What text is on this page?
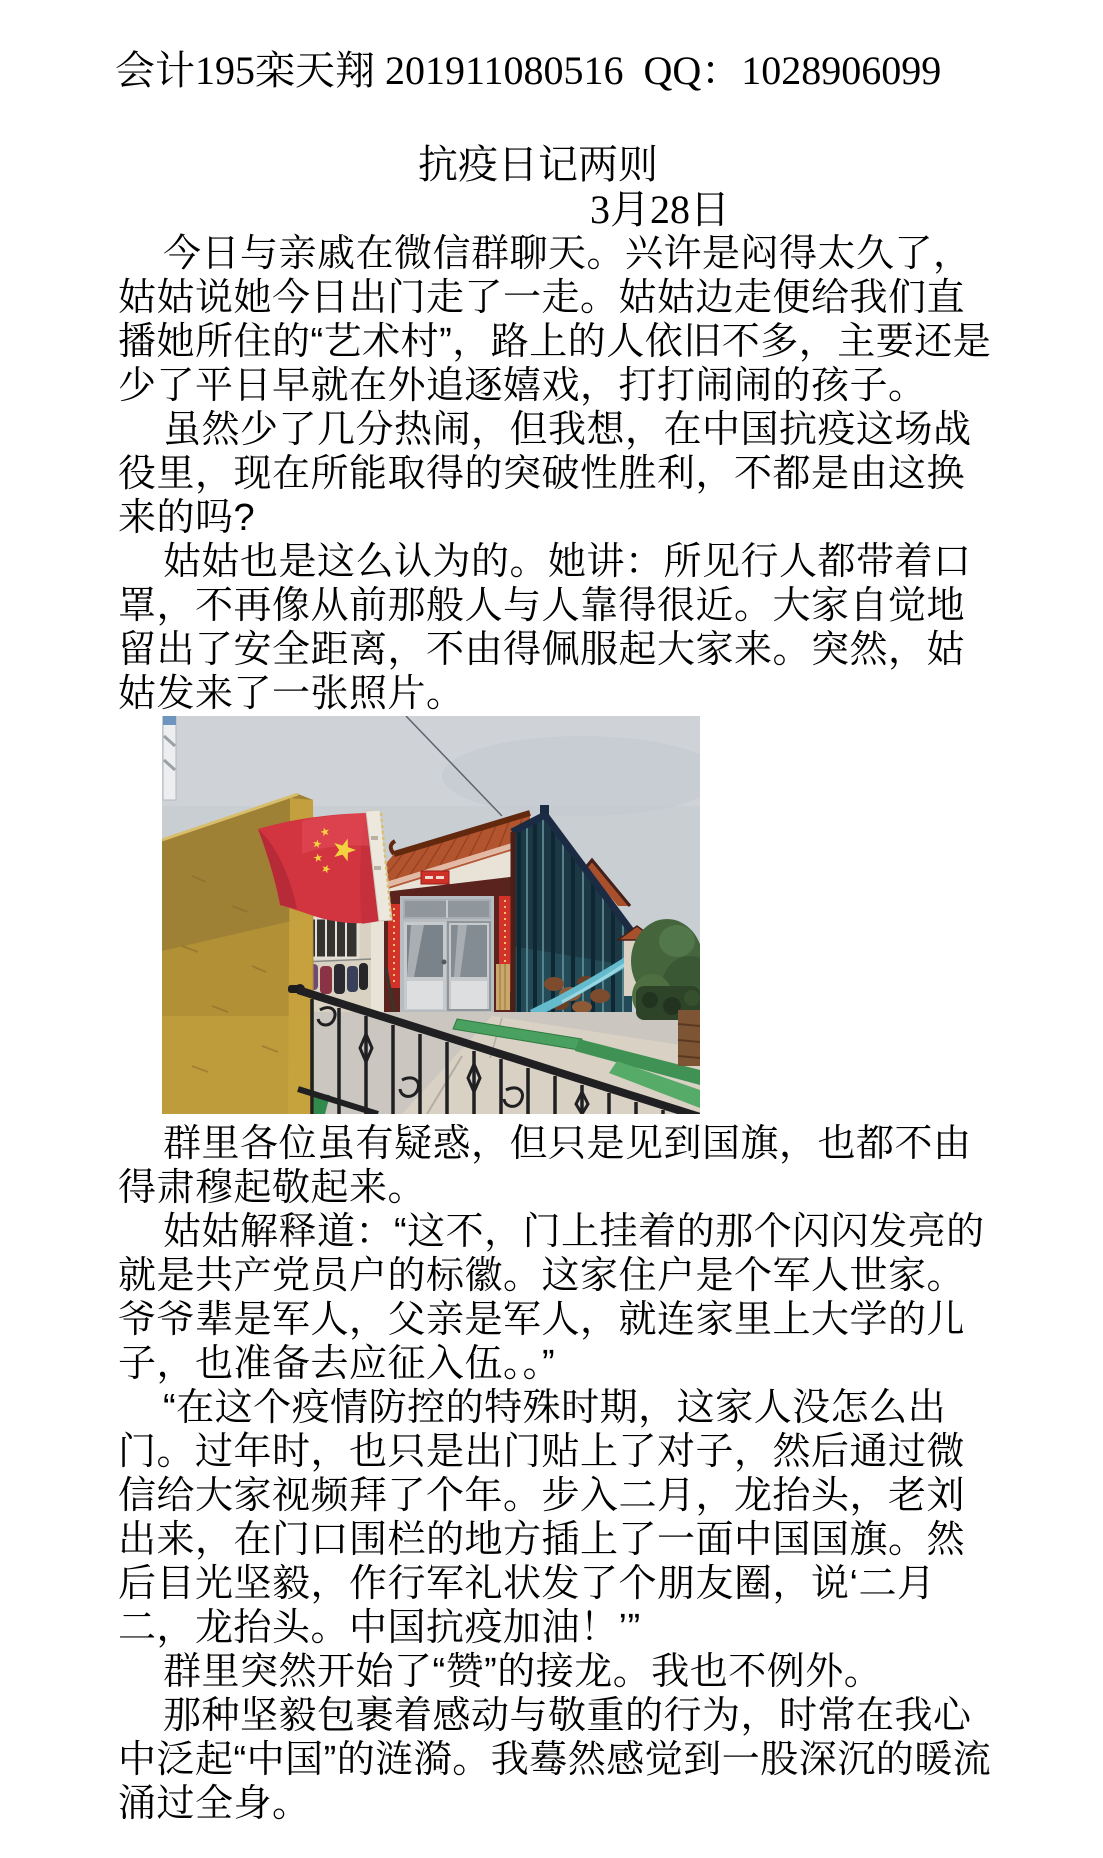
会计195栾天翔 201911080516  QQ：1028906099
抗疫日记两则
3月28日

今日与亲戚在微信群聊天。兴许是闷得太久了，姑姑说她今日出门走了一走。姑姑边走便给我们直播她所住的“艺术村”，路上的人依旧不多，主要还是少了平日早就在外追逐嬉戏，打打闹闹的孩子。

虽然少了几分热闹，但我想，在中国抗疫这场战役里，现在所能取得的突破性胜利，不都是由这换来的吗?

姑姑也是这么认为的。她讲：所见行人都带着口罩，不再像从前那般人与人靠得很近。大家自觉地留出了安全距离，不由得佩服起大家来。突然，姑姑发来了一张照片。

群里各位虽有疑惑，但只是见到国旗，也都不由得肃穆起敬起来。

姑姑解释道：“这不，门上挂着的那个闪闪发亮的就是共产党员户的标徽。这家住户是个军人世家。爷爷辈是军人，父亲是军人，就连家里上大学的儿子，也准备去应征入伍。。”

“在这个疫情防控的特殊时期，这家人没怎么出门。过年时，也只是出门贴上了对子，然后通过微信给大家视频拜了个年。步入二月，龙抬头，老刘出来，在门口围栏的地方插上了一面中国国旗。然后目光坚毅，作行军礼状发了个朋友圈，说‘二月二，龙抬头。中国抗疫加油！’”

群里突然开始了“赞”的接龙。我也不例外。

那种坚毅包裹着感动与敬重的行为，时常在我心中泛起“中国”的涟漪。我蓦然感觉到一股深沉的暖流涌过全身。
